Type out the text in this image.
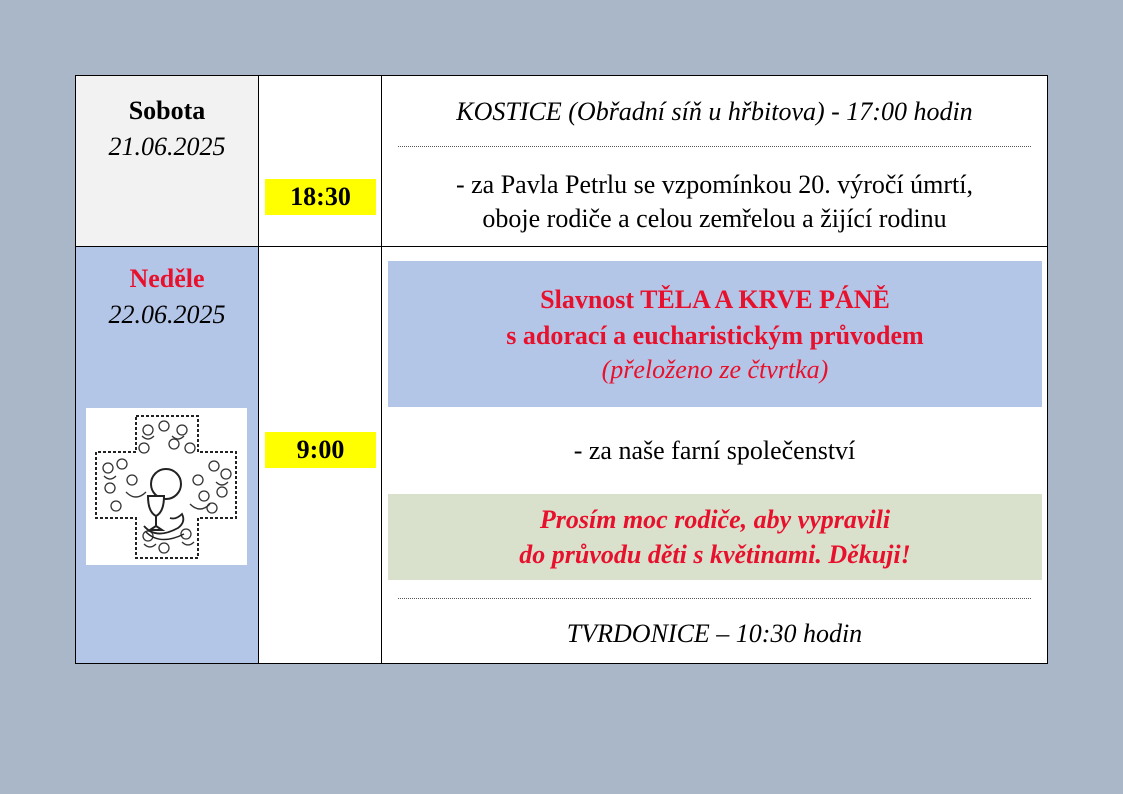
Sobota
21.06.2025
18:30
KOSTICE (Obřadní síň u hřbitova) - 17:00 hodin
- za Pavla Petrlu se vzpomínkou 20. výročí úmrtí,
oboje rodiče a celou zemřelou a žijící rodinu
Neděle
22.06.2025
9:00
Slavnost TĚLA A KRVE PÁNĚ
s adorací a eucharistickým průvodem
(přeloženo ze čtvrtka)
- za naše farní společenství
Prosím moc rodiče, aby vypravili
do průvodu děti s květinami. Děkuji!
TVRDONICE – 10:30 hodin
